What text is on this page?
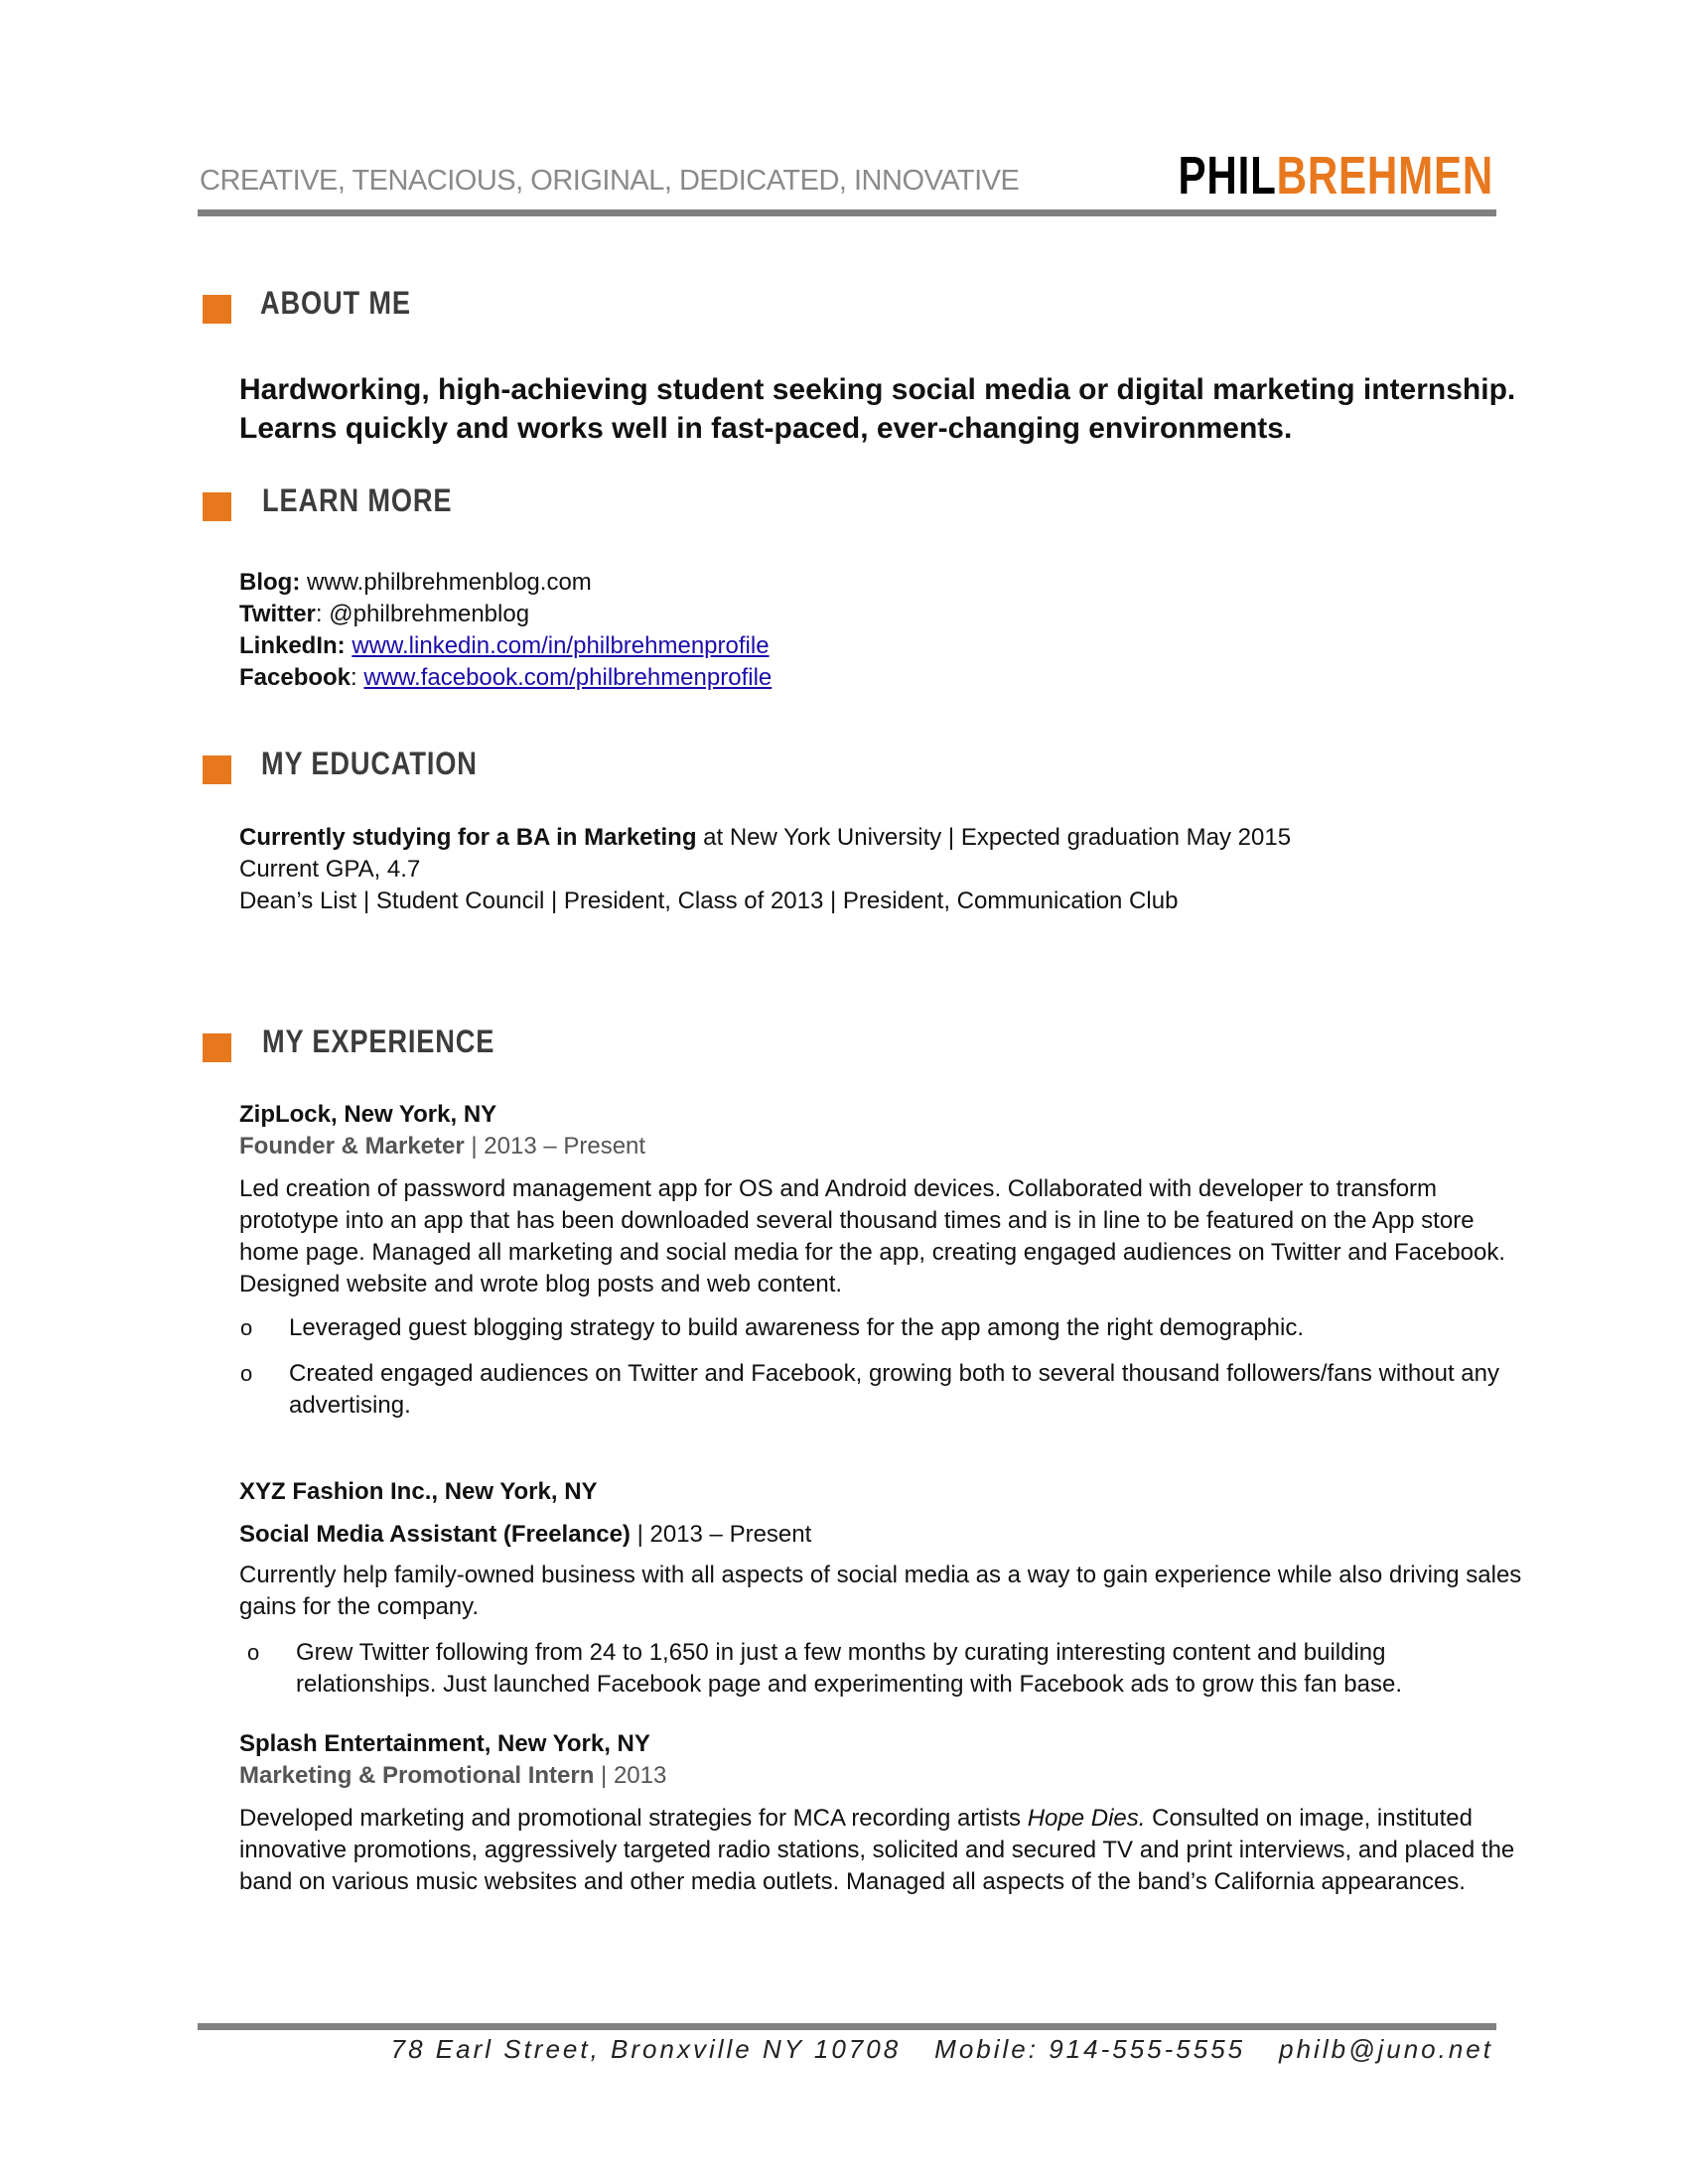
CREATIVE, TENACIOUS, ORIGINAL, DEDICATED, INNOVATIVE	PHILBREHMEN
ABOUT ME
Hardworking, high-achieving student seeking social media or digital marketing internship.
Learns quickly and works well in fast-paced, ever-changing environments.
LEARN MORE
Blog: www.philbrehmenblog.com
Twitter: @philbrehmenblog
LinkedIn: www.linkedin.com/in/philbrehmenprofile
Facebook: www.facebook.com/philbrehmenprofile
MY EDUCATION
Currently studying for a BA in Marketing at New York University | Expected graduation May 2015
Current GPA, 4.7
Dean’s List | Student Council | President, Class of 2013 | President, Communication Club
MY EXPERIENCE
ZipLock, New York, NY
Founder & Marketer | 2013 – Present
Led creation of password management app for OS and Android devices. Collaborated with developer to transform prototype into an app that has been downloaded several thousand times and is in line to be featured on the App store home page. Managed all marketing and social media for the app, creating engaged audiences on Twitter and Facebook. Designed website and wrote blog posts and web content.
o Leveraged guest blogging strategy to build awareness for the app among the right demographic.
o Created engaged audiences on Twitter and Facebook, growing both to several thousand followers/fans without any advertising.
XYZ Fashion Inc., New York, NY
Social Media Assistant (Freelance) | 2013 – Present
Currently help family-owned business with all aspects of social media as a way to gain experience while also driving sales gains for the company.
o Grew Twitter following from 24 to 1,650 in just a few months by curating interesting content and building relationships. Just launched Facebook page and experimenting with Facebook ads to grow this fan base.
Splash Entertainment, New York, NY
Marketing & Promotional Intern | 2013
Developed marketing and promotional strategies for MCA recording artists Hope Dies. Consulted on image, instituted innovative promotions, aggressively targeted radio stations, solicited and secured TV and print interviews, and placed the band on various music websites and other media outlets. Managed all aspects of the band’s California appearances.
78 Earl Street, Bronxville NY 10708 Mobile: 914-555-5555 philb@juno.net
